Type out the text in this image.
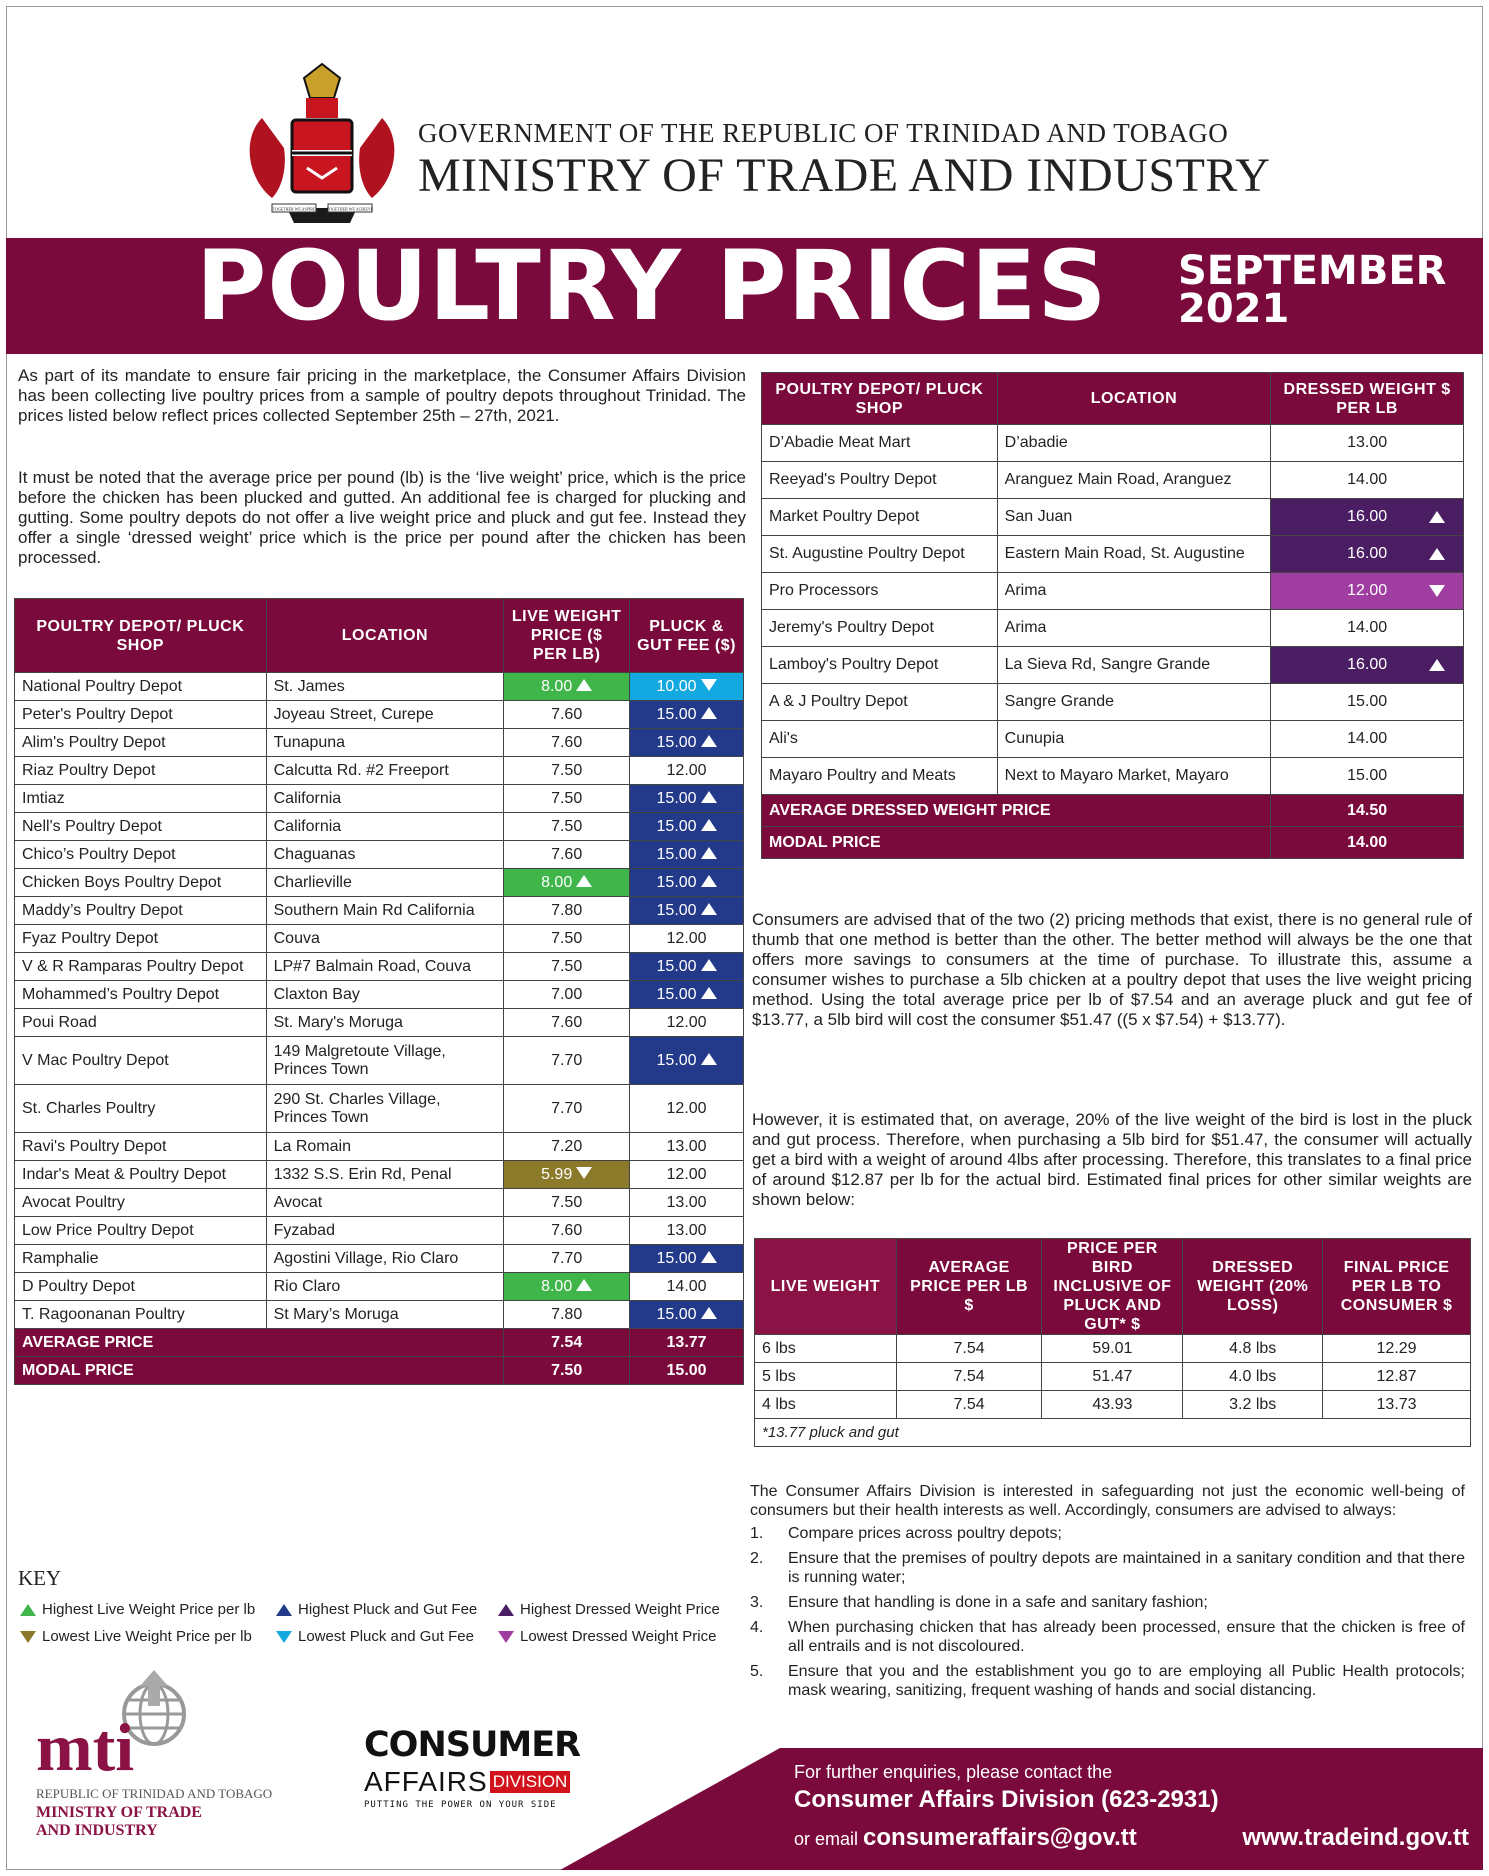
TOGETHER WE ASPIRE	TOGETHER WE ACHIEVE
GOVERNMENT OF THE REPUBLIC OF TRINIDAD AND TOBAGO
MINISTRY OF TRADE AND INDUSTRY
POULTRY PRICES SEPTEMBER
2021
As part of its mandate to ensure fair pricing in the marketplace, the Consumer Affairs Division has been collecting live poultry prices from a sample of poultry depots throughout Trinidad. The prices listed below reflect prices collected September 25th – 27th, 2021.
It must be noted that the average price per pound (lb) is the ‘live weight’ price, which is the price before the chicken has been plucked and gutted. An additional fee is charged for plucking and gutting. Some poultry depots do not offer a live weight price and pluck and gut fee. Instead they offer a single ‘dressed weight’ price which is the price per pound after the chicken has been processed.
POULTRY DEPOT/ PLUCK SHOP	LOCATION	LIVE WEIGHT PRICE ($ PER LB)	PLUCK & GUT FEE ($)
National Poultry Depot	St. James	8.00	10.00
Peter's Poultry Depot	Joyeau Street, Curepe	7.60	15.00
Alim's Poultry Depot	Tunapuna	7.60	15.00
Riaz Poultry Depot	Calcutta Rd. #2 Freeport	7.50	12.00
Imtiaz	California	7.50	15.00
Nell's Poultry Depot	California	7.50	15.00
Chico’s Poultry Depot	Chaguanas	7.60	15.00
Chicken Boys Poultry Depot	Charlieville	8.00	15.00
Maddy’s Poultry Depot	Southern Main Rd California	7.80	15.00
Fyaz Poultry Depot	Couva	7.50	12.00
V & R Ramparas Poultry Depot	LP#7 Balmain Road, Couva	7.50	15.00
Mohammed’s Poultry Depot	Claxton Bay	7.00	15.00
Poui Road	St. Mary's Moruga	7.60	12.00
V Mac Poultry Depot	149 Malgretoute Village, Princes Town	7.70	15.00
St. Charles Poultry	290 St. Charles Village, Princes Town	7.70	12.00
Ravi's Poultry Depot	La Romain	7.20	13.00
Indar's Meat & Poultry Depot	1332 S.S. Erin Rd, Penal	5.99	12.00
Avocat Poultry	Avocat	7.50	13.00
Low Price Poultry Depot	Fyzabad	7.60	13.00
Ramphalie	Agostini Village, Rio Claro	7.70	15.00
D Poultry Depot	Rio Claro	8.00	14.00
T. Ragoonanan Poultry	St Mary’s Moruga	7.80	15.00
AVERAGE PRICE		7.54	13.77
MODAL PRICE		7.50	15.00
POULTRY DEPOT/ PLUCK SHOP	LOCATION	DRESSED WEIGHT $ PER LB
D’Abadie Meat Mart	D’abadie	13.00
Reeyad's Poultry Depot	Aranguez Main Road, Aranguez	14.00
Market Poultry Depot	San Juan	16.00

St. Augustine Poultry Depot	Eastern Main Road, St. Augustine	16.00

Pro Processors	Arima	12.00

Jeremy's Poultry Depot	Arima	14.00
Lamboy's Poultry Depot	La Sieva Rd, Sangre Grande	16.00

A & J Poultry Depot	Sangre Grande	15.00
Ali's	Cunupia	14.00
Mayaro Poultry and Meats	Next to Mayaro Market, Mayaro	15.00
AVERAGE DRESSED WEIGHT PRICE		14.50
MODAL PRICE		14.00
Consumers are advised that of the two (2) pricing methods that exist, there is no general rule of thumb that one method is better than the other. The better method will always be the one that offers more savings to consumers at the time of purchase. To illustrate this, assume a consumer wishes to purchase a 5lb chicken at a poultry depot that uses the live weight pricing method. Using the total average price per lb of $7.54 and an average pluck and gut fee of $13.77, a 5lb bird will cost the consumer $51.47 ((5 x $7.54) + $13.77).
However, it is estimated that, on average, 20% of the live weight of the bird is lost in the pluck and gut process. Therefore, when purchasing a 5lb bird for $51.47, the consumer will actually get a bird with a weight of around 4lbs after processing. Therefore, this translates to a final price of around $12.87 per lb for the actual bird. Estimated final prices for other similar weights are shown below:
LIVE WEIGHT	AVERAGE PRICE PER LB $	PRICE PER BIRD INCLUSIVE OF PLUCK AND GUT* $	DRESSED WEIGHT (20% LOSS)	FINAL PRICE PER LB TO CONSUMER $
6 lbs	7.54	59.01	4.8 lbs	12.29
5 lbs	7.54	51.47	4.0 lbs	12.87
4 lbs	7.54	43.93	3.2 lbs	13.73
*13.77 pluck and gut				
The Consumer Affairs Division is interested in safeguarding not just the economic well-being of consumers but their health interests as well. Accordingly, consumers are advised to always:
1.	Compare prices across poultry depots;
2.	Ensure that the premises of poultry depots are maintained in a sanitary condition and that there is running water;
3.	Ensure that handling is done in a safe and sanitary fashion;
4.	When purchasing chicken that has already been processed, ensure that the chicken is free of all entrails and is not discoloured.
5.	Ensure that you and the establishment you go to are employing all Public Health protocols; mask wearing, sanitizing, frequent washing of hands and social distancing.
KEY
Highest Live Weight Price per lb	Highest Pluck and Gut Fee	Highest Dressed Weight Price
Lowest Live Weight Price per lb	Lowest Pluck and Gut Fee	Lowest Dressed Weight Price
mti
REPUBLIC OF TRINIDAD AND TOBAGO
MINISTRY OF TRADE
AND INDUSTRY
CONSUMER
AFFAIRS DIVISION
PUTTING THE POWER ON YOUR SIDE
For further enquiries, please contact the
Consumer Affairs Division (623-2931)
or email consumeraffairs@gov.tt	www.tradeind.gov.tt
